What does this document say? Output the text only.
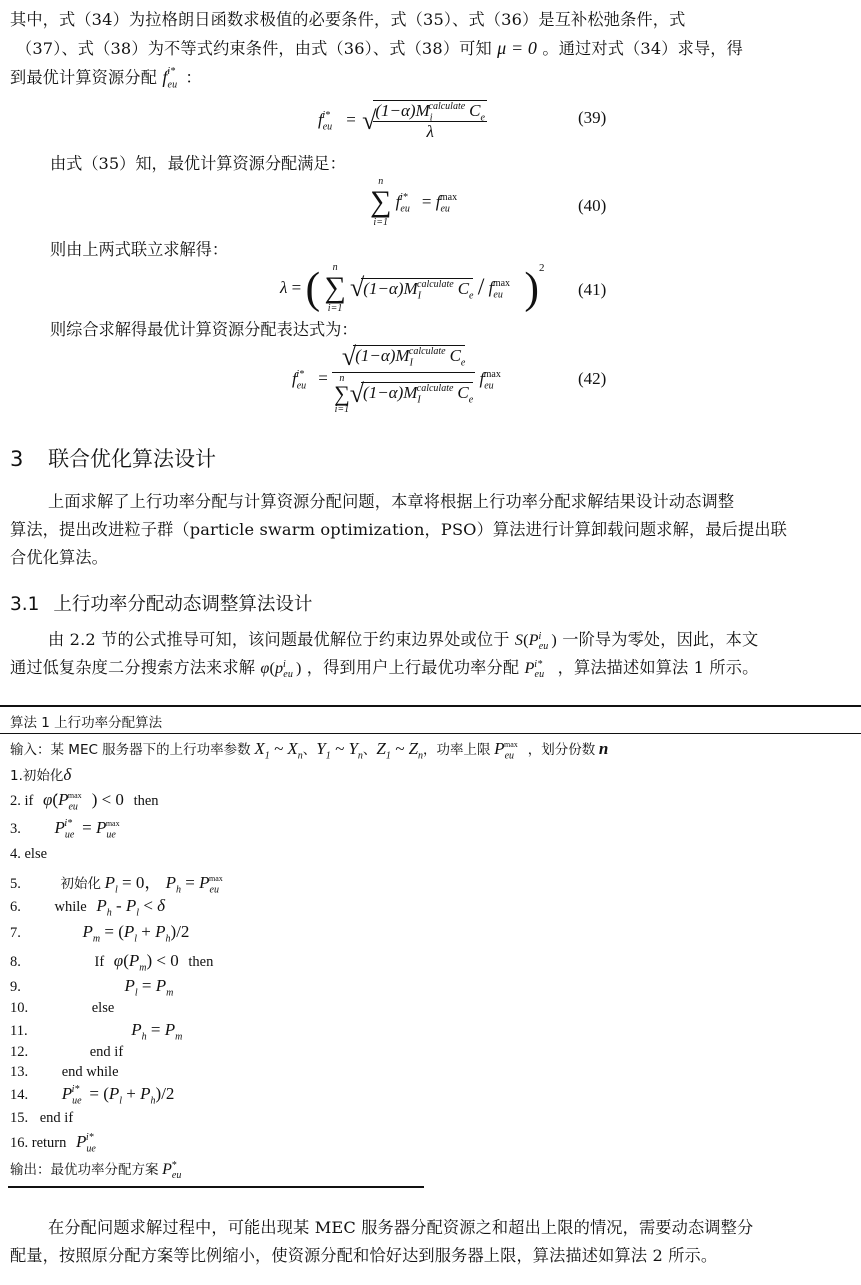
其中，式（34）为拉格朗日函数求极值的必要条件，式（35）、式（36）是互补松弛条件，式
（37）、式（38）为不等式约束条件，由式（36）、式（38）可知 μ = 0 。通过对式（34）求导，得
到最优计算资源分配 $f_{eu}^{i*}$ ：
$f_{eu}^{i*}$ = √
$\frac{(1-\alpha)M_i^{calculate} C_e}{\lambda}$	(39)
由式（35）知，最优计算资源分配满足：
n
∑
i=1
$f_{eu}^{i*} = f_{eu}^{max}$	(40)
则由上两式联立求解得：
λ = (	n
∑
i=1
$√(1-\alpha)M_I^{calculate}$ $C_e / f_{eu}^{max}$ )$^2$
(41)
则综合求解得最优计算资源分配表达式为：
$f_{eu}^{i*} = √(1-\alpha)M_I^{calculate}$ $C_e$
n
∑
i=1
$√(1-\alpha)M_I^{calculate}$ $C_e$ $f_{eu}^{max}$	(42)
3 联合优化算法设计
上面求解了上行功率分配与计算资源分配问题，本章将根据上行功率分配求解结果设计动态调整
算法，提出改进粒子群（particle swarm optimization，PSO）算法进行计算卸载问题求解，最后提出联
合优化算法。
3.1 上行功率分配动态调整算法设计
由 2.2 节的公式推导可知，该问题最优解位于约束边界处或位于 $S(P_{eu}^i$ ) 一阶导为零处，因此，本文
通过低复杂度二分搜索方法来求解 $\varphi(p_{eu}^i$ ) ，得到用户上行最优功率分配 $P_{eu}^{i*}$ ，算法描述如算法 1 所示。
算法 1 上行功率分配算法
输入：某 MEC 服务器下的上行功率参数 $X_1$ ~ $X_n$、$Y_1$ ~ $Y_n$、$Z_1$ ~ $Z_n$，功率上限 $P_{eu}^{max}$ ，划分份数 n
1.初始化δ
2. if $\varphi̇(P_{eu}^{max}$ ) < 0 then
3. $P_{ue}^{i*} = P_{ue}^{max}$
4. else
5.	初始化 $P_l = 0$， $P_h = P_{eu}^{max}$
6. while $P_h - P_l < \delta$
7.	$P_m = (P_l + P_h)/2$
8.	If $\varphi(P_m) < 0$ then
9.	$P_l = P_m$
10.	else
11.	$P_h = P_m$
12.	end if
13. end while
14. $P_{ue}^{i*} = (P_l + P_h)/2$
15. end if
16. return $P_{ue}^{i*}$
输出：最优功率分配方案 $P_{eu}^*$
在分配问题求解过程中，可能出现某 MEC 服务器分配资源之和超出上限的情况，需要动态调整分
配量，按照原分配方案等比例缩小，使资源分配和恰好达到服务器上限，算法描述如算法 2 所示。
